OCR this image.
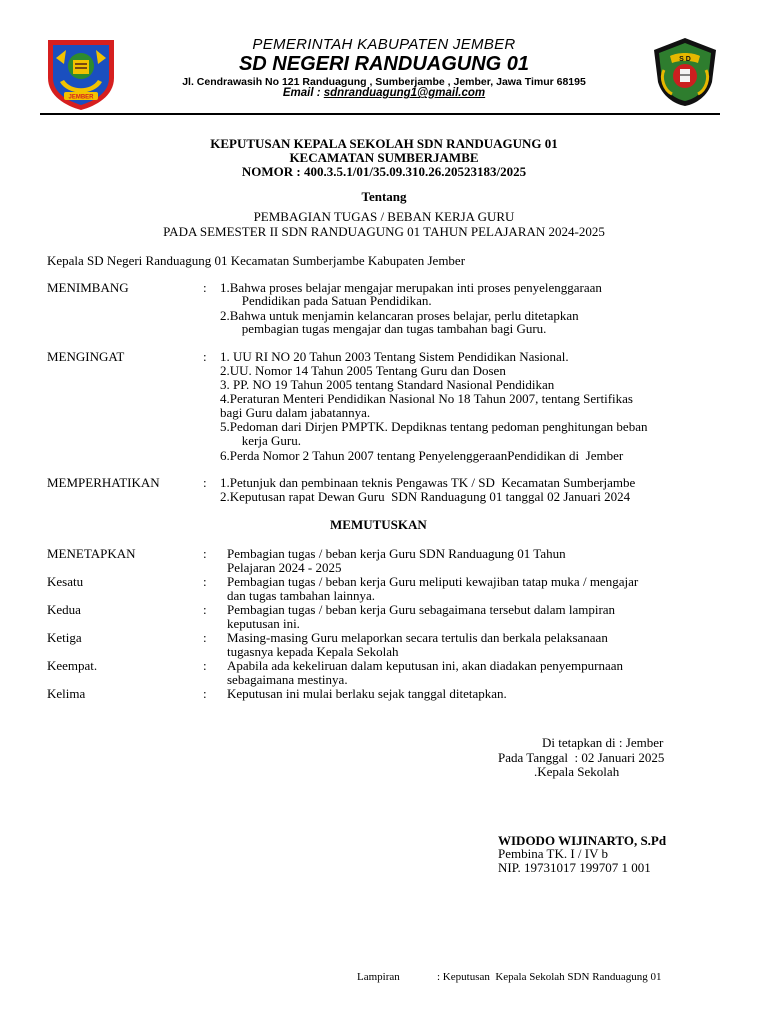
JEMBER
PEMERINTAH KABUPATEN JEMBER
SD NEGERI RANDUAGUNG 01
Jl. Cendrawasih No 121 Randuagung , Sumberjambe , Jember, Jawa Timur 68195
Email : sdnranduagung1@gmail.com
S D
KEPUTUSAN KEPALA SEKOLAH SDN RANDUAGUNG 01
KECAMATAN SUMBERJAMBE
NOMOR : 400.3.5.1/01/35.09.310.26.20523183/2025
Tentang
PEMBAGIAN TUGAS / BEBAN KERJA GURU
PADA SEMESTER II SDN RANDUAGUNG 01 TAHUN PELAJARAN 2024-2025
Kepala SD Negeri Randuagung 01 Kecamatan Sumberjambe Kabupaten Jember
MENIMBANG	: 1.Bahwa proses belajar mengajar merupakan inti proses penyelenggaraan
Pendidikan pada Satuan Pendidikan.
2.Bahwa untuk menjamin kelancaran proses belajar, perlu ditetapkan
pembagian tugas mengajar dan tugas tambahan bagi Guru.
MENGINGAT	: 1. UU RI NO 20 Tahun 2003 Tentang Sistem Pendidikan Nasional.
2.UU. Nomor 14 Tahun 2005 Tentang Guru dan Dosen
3. PP. NO 19 Tahun 2005 tentang Standard Nasional Pendidikan
4.Peraturan Menteri Pendidikan Nasional No 18 Tahun 2007, tentang Sertifikas
bagi Guru dalam jabatannya.
5.Pedoman dari Dirjen PMPTK. Depdiknas tentang pedoman penghitungan beban
kerja Guru.
6.Perda Nomor 2 Tahun 2007 tentang PenyelenggeraanPendidikan di  Jember
MEMPERHATIKAN	: 1.Petunjuk dan pembinaan teknis Pengawas TK / SD  Kecamatan Sumberjambe
2.Keputusan rapat Dewan Guru  SDN Randuagung 01 tanggal 02 Januari 2024
MEMUTUSKAN
MENETAPKAN	: Pembagian tugas / beban kerja Guru SDN Randuagung 01 Tahun
Pelajaran 2024 - 2025
Kesatu	: Pembagian tugas / beban kerja Guru meliputi kewajiban tatap muka / mengajar
dan tugas tambahan lainnya.
Kedua	: Pembagian tugas / beban kerja Guru sebagaimana tersebut dalam lampiran
keputusan ini.
Ketiga	: Masing-masing Guru melaporkan secara tertulis dan berkala pelaksanaan
tugasnya kepada Kepala Sekolah
Keempat.	: Apabila ada kekeliruan dalam keputusan ini, akan diadakan penyempurnaan
sebagaimana mestinya.
Kelima	: Keputusan ini mulai berlaku sejak tanggal ditetapkan.
Di tetapkan di : Jember
Pada Tanggal  : 02 Januari 2025
.Kepala Sekolah
WIDODO WIJINARTO, S.Pd
Pembina TK. I / IV b
NIP. 19731017 199707 1 001
Lampiran	: Keputusan  Kepala Sekolah SDN Randuagung 01
